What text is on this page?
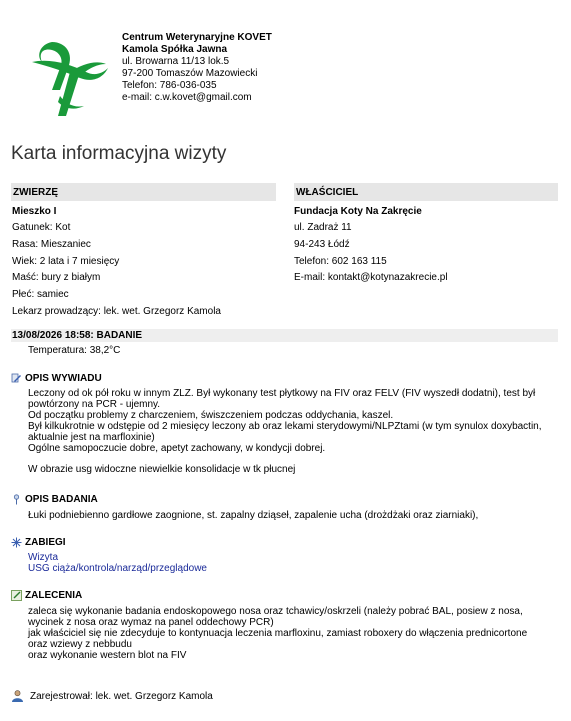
Centrum Weterynaryjne KOVET
Kamola Spółka Jawna
ul. Browarna 11/13 lok.5
97-200 Tomaszów Mazowiecki
Telefon: 786-036-035
e-mail: c.w.kovet@gmail.com
Karta informacyjna wizyty
ZWIERZĘ	WŁAŚCICIEL
Mieszko I
Gatunek: Kot
Rasa: Mieszaniec
Wiek: 2 lata i 7 miesięcy
Maść: bury z białym
Płeć: samiec
Lekarz prowadzący: lek. wet. Grzegorz Kamola
Fundacja Koty Na Zakręcie
ul. Zadraż 11
94-243 Łódź
Telefon: 602 163 115
E-mail: kontakt@kotynazakrecie.pl
13/08/2026 18:58: BADANIE
Temperatura: 38,2°C
OPIS WYWIADU
Leczony od ok pół roku w innym ZLZ. Był wykonany test płytkowy na FIV oraz FELV (FIV wyszedł dodatni), test był
powtórzony na PCR - ujemny.
Od początku problemy z charczeniem, świszczeniem podczas oddychania, kaszel.
Był kilkukrotnie w odstępie od 2 miesięcy leczony ab oraz lekami sterydowymi/NLPZtami (w tym synulox doxybactin,
aktualnie jest na marfloxinie)
Ogólne samopoczucie dobre, apetyt zachowany, w kondycji dobrej.
W obrazie usg widoczne niewielkie konsolidacje w tk płucnej
OPIS BADANIA
Łuki podniebienno gardłowe zaognione, st. zapalny dziąseł, zapalenie ucha (drożdżaki oraz ziarniaki),
ZABIEGI
Wizyta
USG ciąża/kontrola/narząd/przeglądowe
ZALECENIA
zaleca się wykonanie badania endoskopowego nosa oraz tchawicy/oskrzeli (należy pobrać BAL, posiew z nosa,
wycinek z nosa oraz wymaz na panel oddechowy PCR)
jak właściciel się nie zdecyduje to kontynuacja leczenia marfloxinu, zamiast roboxery do włączenia prednicortone
oraz wziewy z nebbudu
oraz wykonanie western blot na FIV
Zarejestrował: lek. wet. Grzegorz Kamola
